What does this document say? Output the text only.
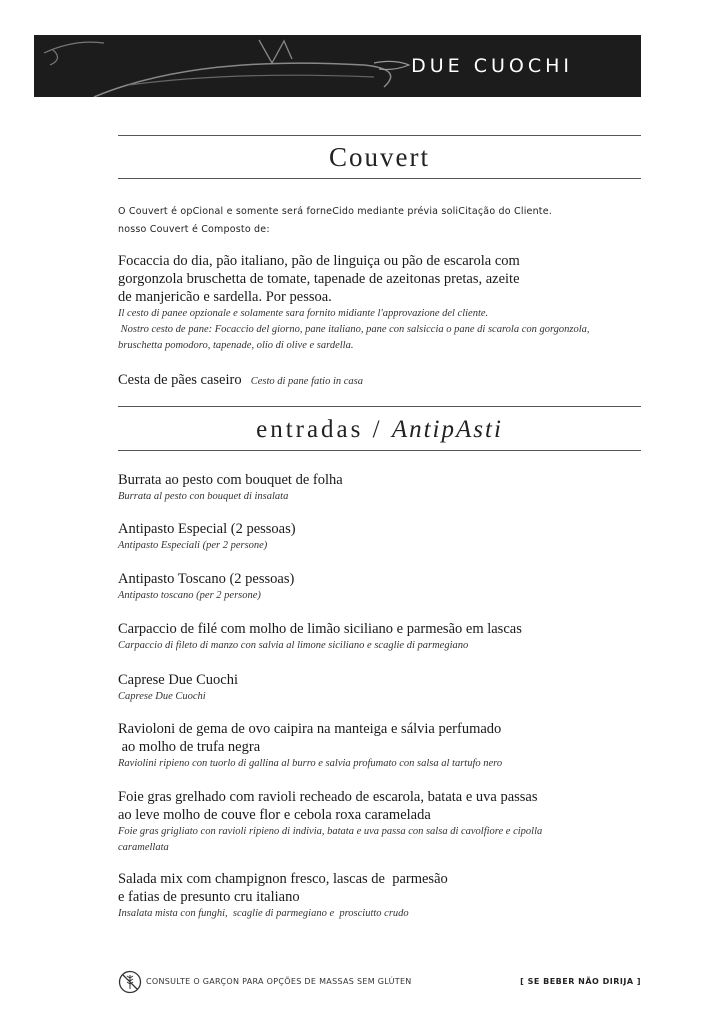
DUE CUOCHI
Couvert
O Couvert é opCional e somente será forneCido mediante prévia soliCitação do Cliente.
nosso Couvert é Composto de:
Focaccia do dia, pão italiano, pão de linguiça ou pão de escarola com
gorgonzola bruschetta de tomate, tapenade de azeitonas pretas, azeite
de manjericão e sardella. Por pessoa.
Il cesto di panee opzionale e solamente sara fornito midiante l'approvazione del cliente.
Nostro cesto de pane: Focaccio del giorno, pane italiano, pane con salsiccia o pane di scarola con gorgonzola,
bruschetta pomodoro, tapenade, olio di olive e sardella.
Cesta de pães caseiro Cesto di pane fatio in casa
entradas / AntipAsti
Burrata ao pesto com bouquet de folha
Burrata al pesto con bouquet di insalata
Antipasto Especial (2 pessoas)
Antipasto Especiali (per 2 persone)
Antipasto Toscano (2 pessoas)
Antipasto toscano (per 2 persone)
Carpaccio de filé com molho de limão siciliano e parmesão em lascas
Carpaccio di fileto di manzo con salvia al limone siciliano e scaglie di parmegiano
Caprese Due Cuochi
Caprese Due Cuochi
Ravioloni de gema de ovo caipira na manteiga e sálvia perfumado
ao molho de trufa negra
Raviolini ripieno con tuorlo di gallina al burro e salvia profumato con salsa al tartufo nero
Foie gras grelhado com ravioli recheado de escarola, batata e uva passas
ao leve molho de couve flor e cebola roxa caramelada
Foie gras grigliato con ravioli ripieno di indivia, batata e uva passa con salsa di cavolfiore e cipolla
caramellata
Salada mix com champignon fresco, lascas de  parmesão
e fatias de presunto cru italiano
Insalata mista con funghi,  scaglie di parmegiano e  prosciutto crudo
CONSULTE O GARÇON PARA OPÇÕES DE MASSAS SEM GLÚTEN	[ SE BEBER NÃO DIRIJA ]
